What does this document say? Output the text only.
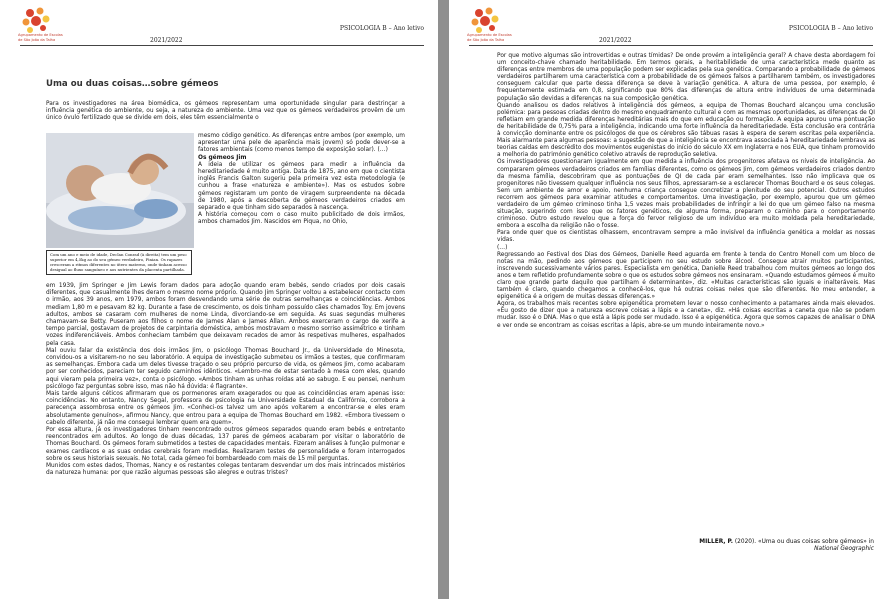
Agrupamento de Escolas
de São João da Talha
PSICOLOGIA B – Ano letivo
2021/2022
Uma ou duas coisas…sobre gémeos

Para os investigadores na área biomédica, os gémeos representam uma oportunidade singular para destrinçar a influência genética do ambiente, ou seja, a natureza do ambiente. Uma vez que os gémeos verdadeiros provêm de um único óvulo fertilizado que se divide em dois, eles têm essencialmente o

mesmo código genético. As diferenças entre ambos (por exemplo, um apresentar uma pele de aparência mais jovem) só pode dever-se a fatores ambientais (como menos tempo de exposição solar). (…)

Os gémeos Jim

A ideia de utilizar os gémeos para medir a influência da hereditariedade é muito antiga. Data de 1875, ano em que o cientista inglês Francis Galton sugeriu pela primeira vez esta metodologia (e cunhou a frase «natureza e ambiente»). Mas os estudos sobre gémeos registaram um ponto de viragem surpreendente na década de 1980, após a descoberta de gémeos verdadeiros criados em separado e que tinham sido separados à nascença.

A história começou com o caso muito publicitado de dois irmãos, ambos chamados Jim. Nascidos em Piqua, no Ohio,

Com um ano e meio de idade, Declan Conrad (à direita) tem um peso superior em 4,5kg ao do seu gémeo verdadeiro, Finian. Os rapazes cresceram a ritmos diferentes no útero materno, onde tinham acesso desigual ao fluxo sanguíneo e aos nutrientes da placenta partilhada.

em 1939, Jim Springer e Jim Lewis foram dados para adoção quando eram bebés, sendo criados por dois casais diferentes, que casualmente lhes deram o mesmo nome próprio. Quando Jim Springer voltou a estabelecer contacto com o irmão, aos 39 anos, em 1979, ambos foram desvendando uma série de outras semelhanças e coincidências. Ambos mediam 1,80 m e pesavam 82 kg. Durante a fase de crescimento, os dois tinham possuído cães chamados Toy. Em jovens adultos, ambos se casaram com mulheres de nome Linda, divorciando-se em seguida. As suas segundas mulheres chamavam-se Betty. Puseram aos filhos o nome de James Alan e James Allan. Ambos exerceram o cargo de xerife a tempo parcial, gostavam de projetos de carpintaria doméstica, ambos mostravam o mesmo sorriso assimétrico e tinham vozes indiferenciáveis. Ambos conheciam também que deixavam recados de amor às respetivas mulheres, espalhados pela casa.

Mal ouviu falar da existência dos dois irmãos Jim, o psicólogo Thomas Bouchard Jr., da Universidade do Minesota, convidou-os a visitarem-no no seu laboratório. A equipa de investigação submeteu os irmãos a testes, que confirmaram as semelhanças. Embora cada um deles tivesse traçado o seu próprio percurso de vida, os gémeos Jim, como acabaram por ser conhecidos, pareciam ter seguido caminhos idênticos. «Lembro-me de estar sentado à mesa com eles, quando aqui vieram pela primeira vez», conta o psicólogo. «Ambos tinham as unhas roídas até ao sabugo. E eu pensei, nenhum psicólogo faz perguntas sobre isso, mas não há dúvida: é flagrante».

Mais tarde alguns céticos afirmaram que os pormenores eram exagerados ou que as coincidências eram apenas isso: coincidências. No entanto, Nancy Segal, professora de psicologia na Universidade Estadual da Califórnia, corrobora a parecença assombrosa entre os gémeos Jim. «Conheci-os talvez um ano após voltarem a encontrar-se e eles eram absolutamente genuínos», afirmou Nancy, que entrou para a equipa de Thomas Bouchard em 1982. «Embora tivessem o cabelo diferente, já não me consegui lembrar quem era quem».

Por essa altura, já os investigadores tinham reencontrado outros gémeos separados quando eram bebés e entretanto reencontrados em adultos. Ao longo de duas décadas, 137 pares de gémeos acabaram por visitar o laboratório de Thomas Bouchard. Os gémeos foram submetidos a testes de capacidades mentais. Fizeram análises à função pulmonar e exames cardíacos e as suas ondas cerebrais foram medidas. Realizaram testes de personalidade e foram interrogados sobre os seus historiais sexuais. No total, cada gémeo foi bombardeado com mais de 15 mil perguntas.

Munidos com estes dados, Thomas, Nancy e os restantes colegas tentaram desvendar um dos mais intrincados mistérios da natureza humana: por que razão algumas pessoas são alegres e outras tristes?

Agrupamento de Escolas
de São João da Talha
PSICOLOGIA B – Ano letivo
2021/2022

Por que motivo algumas são introvertidas e outras tímidas? De onde provém a inteligência geral? A chave desta abordagem foi um conceito-chave chamado heritabilidade. Em termos gerais, a heritabilidade de uma característica mede quanto as diferenças entre membros de uma população podem ser explicadas pela sua genética. Comparando a probabilidade de gémeos verdadeiros partilharem uma característica com a probabilidade de os gémeos falsos a partilharem também, os investigadores conseguem calcular que parte dessa diferença se deve à variação genética. A altura de uma pessoa, por exemplo, é frequentemente estimada em 0,8, significando que 80% das diferenças de altura entre indivíduos de uma determinada população são devidas a diferenças na sua composição genética.

Quando analisou os dados relativos à inteligência dos gémeos, a equipa de Thomas Bouchard alcançou uma conclusão polémica: para pessoas criadas dentro do mesmo enquadramento cultural e com as mesmas oportunidades, as diferenças de QI refletiam em grande medida diferenças hereditárias mais do que em educação ou formação. A equipa apurou uma pontuação de heritabilidade de 0,75% para a inteligência, indicando uma forte influência da hereditariedade. Esta conclusão era contrária à convicção dominante entre os psicólogos de que os cérebros são tábuas rasas à espera de serem escritas pela experiência. Mais alarmante para algumas pessoas: a sugestão de que a inteligência se encontrava associada à hereditariedade lembrava as teorias caídas em descrédito dos movimentos eugenistas do início do século XX em Inglaterra e nos EUA, que tinham promovido a melhoria do património genético coletivo através de reprodução seletiva.

Os investigadores questionaram igualmente em que medida a influência dos progenitores afetava os níveis de inteligência. Ao compararem gémeos verdadeiros criados em famílias diferentes, como os gémeos Jim, com gémeos verdadeiros criados dentro da mesma família, descobriram que as pontuações de QI de cada par eram semelhantes. Isso não implicava que os progenitores não tivessem qualquer influência nos seus filhos, apressaram-se a esclarecer Thomas Bouchard e os seus colegas. Sem um ambiente de amor e apoio, nenhuma criança consegue concretizar a plenitude do seu potencial. Outros estudos recorrem aos gémeos para examinar atitudes e comportamentos. Uma investigação, por exemplo, apurou que um gémeo verdadeiro de um gémeo criminoso tinha 1,5 vezes mais probabilidades de infringir a lei do que um gémeo falso na mesma situação, sugerindo com isso que os fatores genéticos, de alguma forma, preparam o caminho para o comportamento criminoso. Outro estudo revelou que a força do fervor religioso de um indivíduo era muito moldada pela hereditariedade, embora a escolha da religião não o fosse.

Para onde quer que os cientistas olhassem, encontravam sempre a mão invisível da influência genética a moldar as nossas vidas.

(…)

Regressando ao Festival dos Dias dos Gémeos, Danielle Reed aguarda em frente à tenda do Centro Monell com um bloco de notas na mão, pedindo aos gémeos que participem no seu estudo sobre álcool. Consegue atrair muitos participantes, inscrevendo sucessivamente vários pares. Especialista em genética, Danielle Reed trabalhou com muitos gémeos ao longo dos anos e tem refletido profundamente sobre o que os estudos sobre gémeos nos ensinaram. «Quando estudamos gémeos é muito claro que grande parte daquilo que partilham é determinante», diz. «Muitas características são iguais e inalteráveis. Mas também é claro, quando chegamos a conhecê-los, que há outras coisas neles que são diferentes. No meu entender, a epigenética é a origem de muitas dessas diferenças.»

Agora, os trabalhos mais recentes sobre epigenética prometem levar o nosso conhecimento a patamares ainda mais elevados. «Eu gosto de dizer que a natureza escreve coisas a lápis e a caneta», diz. «Há coisas escritas a caneta que não se podem mudar. Isso é o DNA. Mas o que está a lápis pode ser mudado. Isso é a epigenética. Agora que somos capazes de analisar o DNA e ver onde se encontram as coisas escritas a lápis, abre-se um mundo inteiramente novo.»

MILLER, P. (2020). «Uma ou duas coisas sobre gémeos» in
National Geographic
